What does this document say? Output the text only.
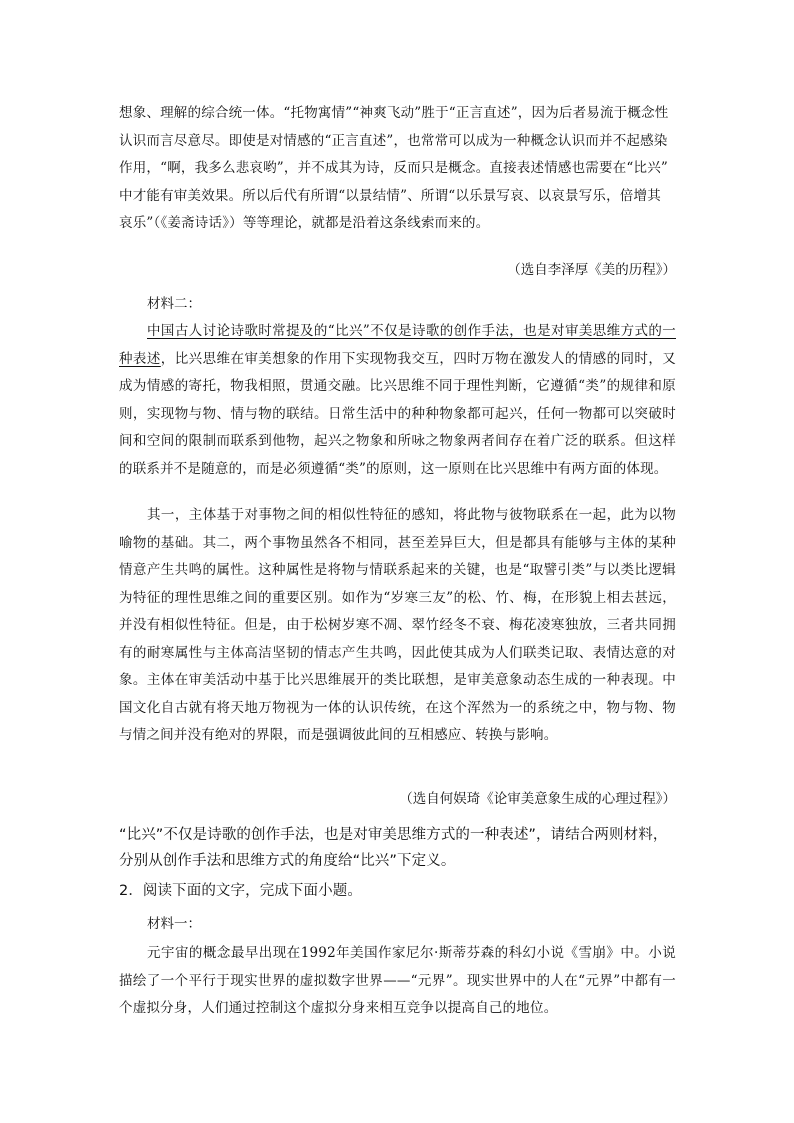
想象、理解的综合统一体。“托物寓情”“神爽飞动”胜于“正言直述”，因为后者易流于概念性

认识而言尽意尽。即使是对情感的“正言直述”，也常常可以成为一种概念认识而并不起感染

作用，“啊，我多么悲哀哟”，并不成其为诗，反而只是概念。直接表述情感也需要在“比兴”

中才能有审美效果。所以后代有所谓“以景结情”、所谓“以乐景写哀、以哀景写乐，倍增其

哀乐”（《姜斋诗话》）等等理论，就都是沿着这条线索而来的。

（选自李泽厚《美的历程》）
材料二：

中国古人讨论诗歌时常提及的“比兴”不仅是诗歌的创作手法，也是对审美思维方式的一种表述，比兴思维在审美想象的作用下实现物我交互，四时万物在激发人的情感的同时，又成为情感的寄托，物我相照，贯通交融。比兴思维不同于理性判断，它遵循“类”的规律和原则，实现物与物、情与物的联结。日常生活中的种种物象都可起兴，任何一物都可以突破时间和空间的限制而联系到他物，起兴之物象和所咏之物象两者间存在着广泛的联系。但这样的联系并不是随意的，而是必须遵循“类”的原则，这一原则在比兴思维中有两方面的体现。

其一，主体基于对事物之间的相似性特征的感知，将此物与彼物联系在一起，此为以物喻物的基础。其二，两个事物虽然各不相同，甚至差异巨大，但是都具有能够与主体的某种情意产生共鸣的属性。这种属性是将物与情联系起来的关键，也是“取譬引类”与以类比逻辑为特征的理性思维之间的重要区别。如作为“岁寒三友”的松、竹、梅，在形貌上相去甚远，并没有相似性特征。但是，由于松树岁寒不凋、翠竹经冬不衰、梅花凌寒独放，三者共同拥有的耐寒属性与主体高洁坚韧的情志产生共鸣，因此使其成为人们联类记取、表情达意的对象。主体在审美活动中基于比兴思维展开的类比联想，是审美意象动态生成的一种表现。中国文化自古就有将天地万物视为一体的认识传统，在这个浑然为一的系统之中，物与物、物与情之间并没有绝对的界限，而是强调彼此间的互相感应、转换与影响。

（选自何娱琦《论审美意象生成的心理过程》）

“比兴”不仅是诗歌的创作手法，也是对审美思维方式的一种表述”，请结合两则材料，分别从创作手法和思维方式的角度给“比兴”下定义。

2．阅读下面的文字，完成下面小题。

材料一：

元宇宙的概念最早出现在1992年美国作家尼尔·斯蒂芬森的科幻小说《雪崩》中。小说描绘了一个平行于现实世界的虚拟数字世界——“元界”。现实世界中的人在“元界”中都有一个虚拟分身，人们通过控制这个虚拟分身来相互竞争以提高自己的地位。
